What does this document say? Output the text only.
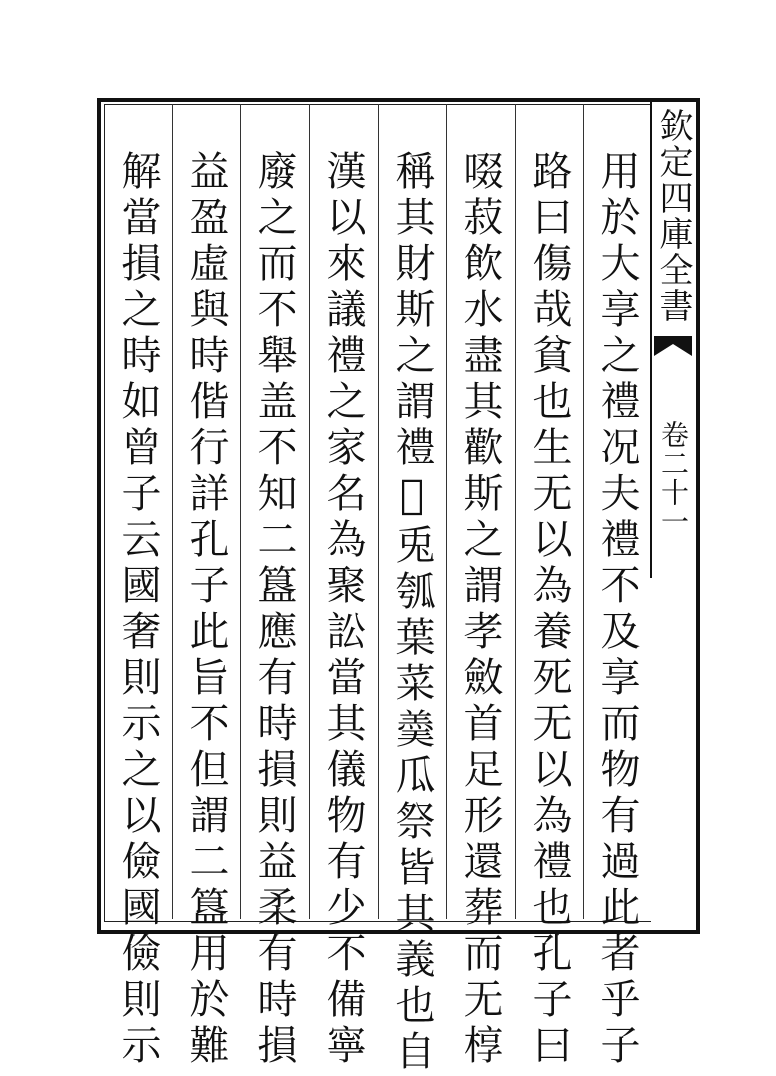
欽定四庫全書
卷二十一
用於大享之禮况夫禮不及享而物有過此者乎子
路曰傷哉貧也生无以為養死无以為禮也孔子曰
啜菽飲水盡其歡斯之謂孝斂首足形還葬而无椁
稱其財斯之謂禮𣫍兎瓠葉菜羮瓜祭皆其義也自
漢以來議禮之家名為聚訟當其儀物有少不備寧
廢之而不舉盖不知二簋應有時損則益柔有時損
益盈虛與時偕行詳孔子此旨不但謂二簋用於難
解當損之時如曾子云國奢則示之以儉國儉則示
